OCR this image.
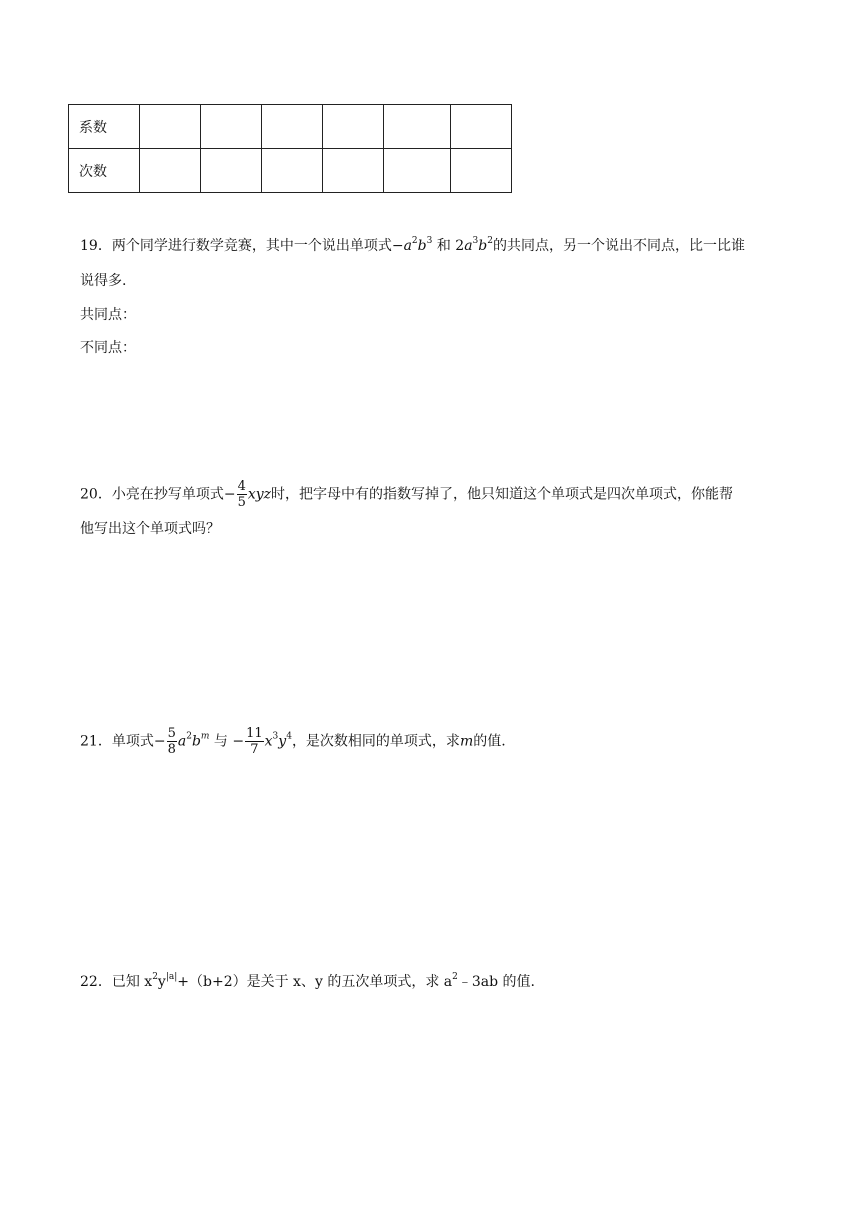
系数						
次数						
19．两个同学进行数学竞赛，其中一个说出单项式$-a^2b^3$ 和 $2a^3b^2$的共同点，另一个说出不同点，比一比谁
说得多.
共同点：
不同点：
20．小亮在抄写单项式− $\frac{4}{5}$ xyz时，把字母中有的指数写掉了，他只知道这个单项式是四次单项式，你能帮
他写出这个单项式吗？
21．单项式− $\frac{5}{8} a^2b^m$ 与 − $\frac{11}{7} x^3y^4$，是次数相同的单项式，求m的值.
22．已知 $x^2y^{|a|}+(b+2)$是关于 x、y 的五次单项式，求 $a^2﹣3ab$ 的值.
